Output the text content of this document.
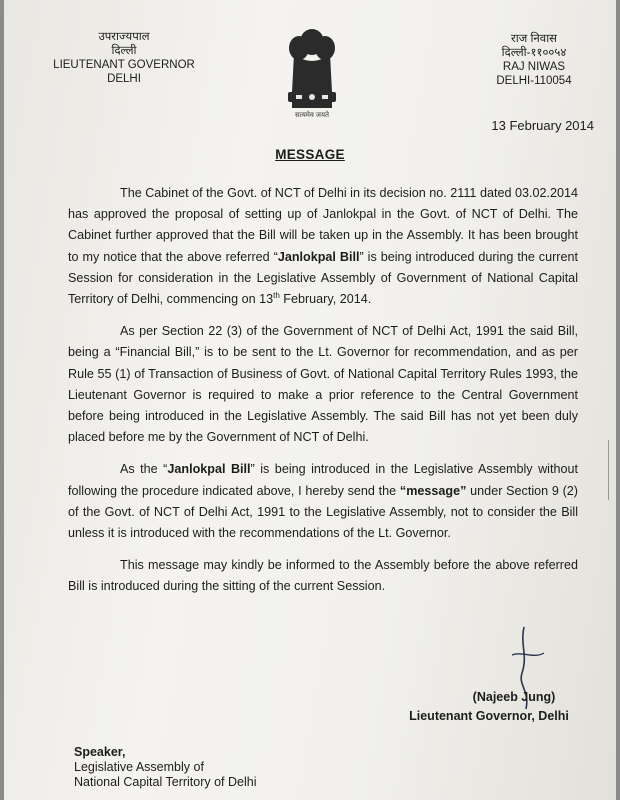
उपराज्यपाल
दिल्ली
LIEUTENANT GOVERNOR
DELHI
सत्यमेव जयते
राज निवास
दिल्ली-११००५४
RAJ NIWAS
DELHI-110054
13 February 2014
MESSAGE

The Cabinet of the Govt. of NCT of Delhi in its decision no. 2111 dated 03.02.2014 has approved the proposal of setting up of Janlokpal in the Govt. of NCT of Delhi. The Cabinet further approved that the Bill will be taken up in the Assembly. It has been brought to my notice that the above referred “Janlokpal Bill” is being introduced during the current Session for consideration in the Legislative Assembly of Government of National Capital Territory of Delhi, commencing on 13th February, 2014.

As per Section 22 (3) of the Government of NCT of Delhi Act, 1991 the said Bill, being a “Financial Bill,” is to be sent to the Lt. Governor for recommendation, and as per Rule 55 (1) of Transaction of Business of Govt. of National Capital Territory Rules 1993, the Lieutenant Governor is required to make a prior reference to the Central Government before being introduced in the Legislative Assembly. The said Bill has not yet been duly placed before me by the Government of NCT of Delhi.

As the “Janlokpal Bill” is being introduced in the Legislative Assembly without following the procedure indicated above, I hereby send the “message” under Section 9 (2) of the Govt. of NCT of Delhi Act, 1991 to the Legislative Assembly, not to consider the Bill unless it is introduced with the recommendations of the Lt. Governor.

This message may kindly be informed to the Assembly before the above referred Bill is introduced during the sitting of the current Session.

(Najeeb Jung)
Lieutenant Governor, Delhi
Speaker,
Legislative Assembly of
National Capital Territory of Delhi
